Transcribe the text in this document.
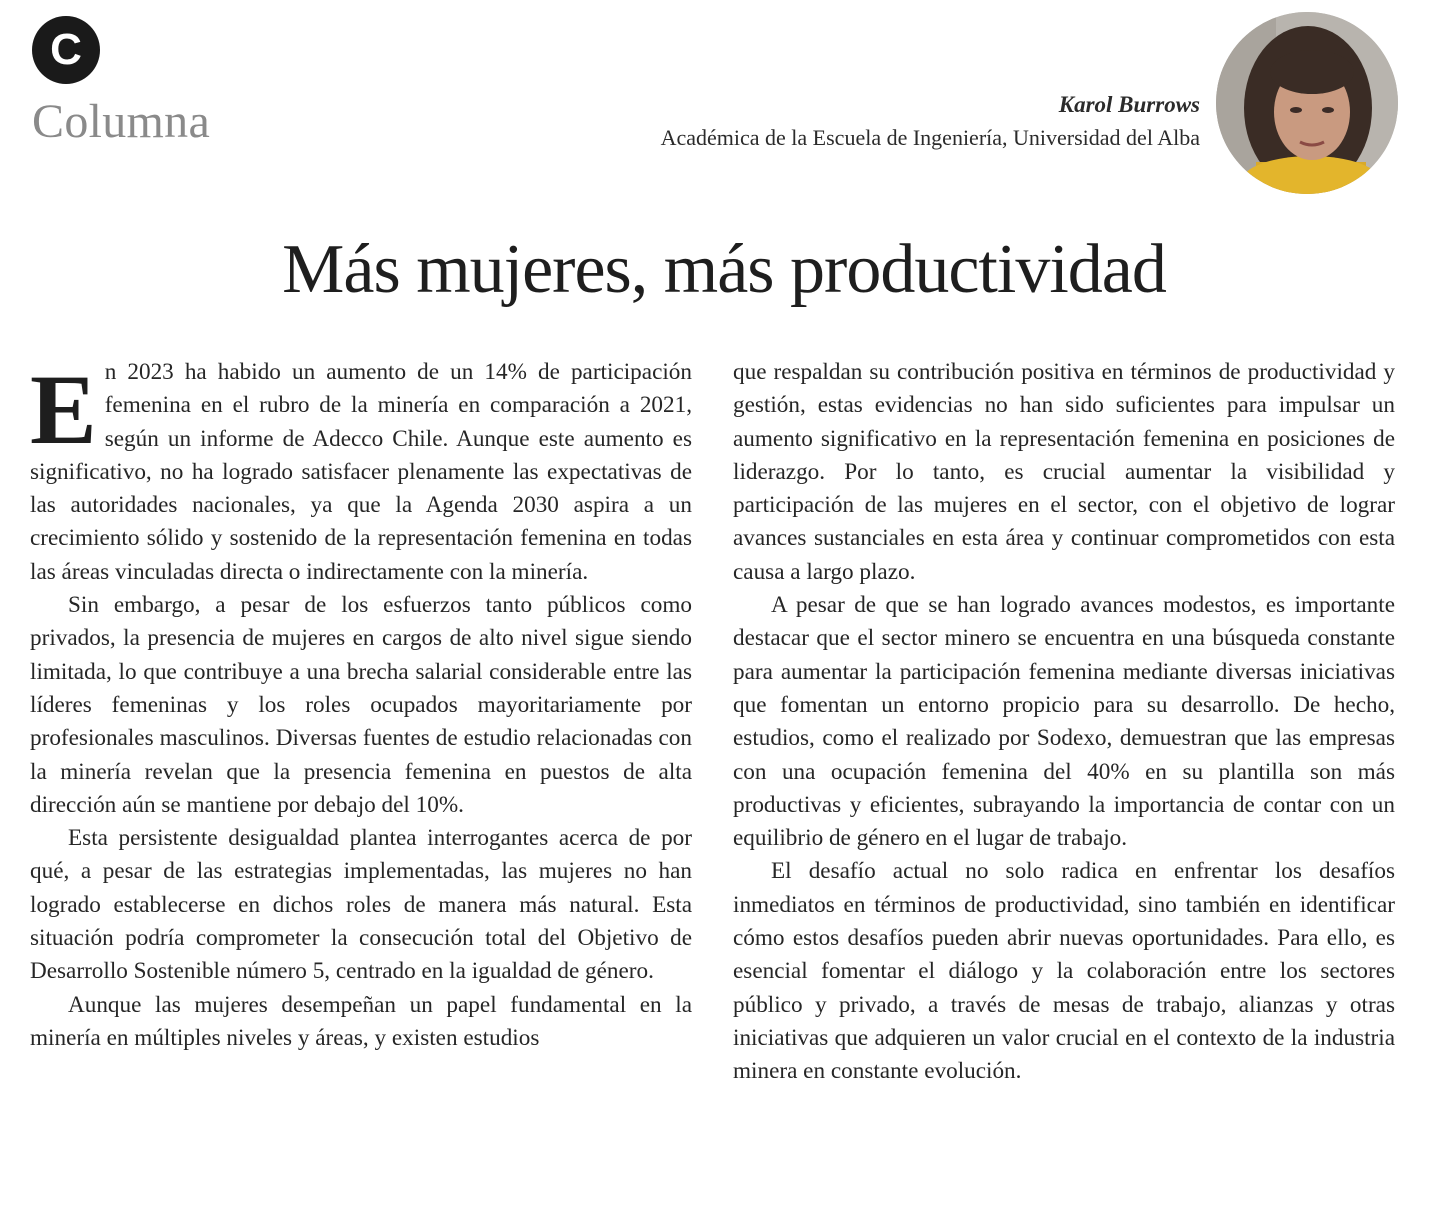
C
Columna	Karol Burrows
Académica de la Escuela de Ingeniería, Universidad del Alba
Más mujeres, más productividad

En 2023 ha habido un aumento de un 14% de participación femenina en el rubro de la minería en comparación a 2021, según un informe de Adecco Chile. Aunque este aumento es significativo, no ha logrado satisfacer plenamente las expectativas de las autoridades nacionales, ya que la Agenda 2030 aspira a un crecimiento sólido y sostenido de la representación femenina en todas las áreas vinculadas directa o indirectamente con la minería.

Sin embargo, a pesar de los esfuerzos tanto públicos como privados, la presencia de mujeres en cargos de alto nivel sigue siendo limitada, lo que contribuye a una brecha salarial considerable entre las líderes femeninas y los roles ocupados mayoritariamente por profesionales masculinos. Diversas fuentes de estudio relacionadas con la minería revelan que la presencia femenina en puestos de alta dirección aún se mantiene por debajo del 10%.

Esta persistente desigualdad plantea interrogantes acerca de por qué, a pesar de las estrategias implementadas, las mujeres no han logrado establecerse en dichos roles de manera más natural. Esta situación podría comprometer la consecución total del Objetivo de Desarrollo Sostenible número 5, centrado en la igualdad de género.

Aunque las mujeres desempeñan un papel fundamental en la minería en múltiples niveles y áreas, y existen estudios

que respaldan su contribución positiva en términos de productividad y gestión, estas evidencias no han sido suficientes para impulsar un aumento significativo en la representación femenina en posiciones de liderazgo. Por lo tanto, es crucial aumentar la visibilidad y participación de las mujeres en el sector, con el objetivo de lograr avances sustanciales en esta área y continuar comprometidos con esta causa a largo plazo.

A pesar de que se han logrado avances modestos, es importante destacar que el sector minero se encuentra en una búsqueda constante para aumentar la participación femenina mediante diversas iniciativas que fomentan un entorno propicio para su desarrollo. De hecho, estudios, como el realizado por Sodexo, demuestran que las empresas con una ocupación femenina del 40% en su plantilla son más productivas y eficientes, subrayando la importancia de contar con un equilibrio de género en el lugar de trabajo.

El desafío actual no solo radica en enfrentar los desafíos inmediatos en términos de productividad, sino también en identificar cómo estos desafíos pueden abrir nuevas oportunidades. Para ello, es esencial fomentar el diálogo y la colaboración entre los sectores público y privado, a través de mesas de trabajo, alianzas y otras iniciativas que adquieren un valor crucial en el contexto de la industria minera en constante evolución.
